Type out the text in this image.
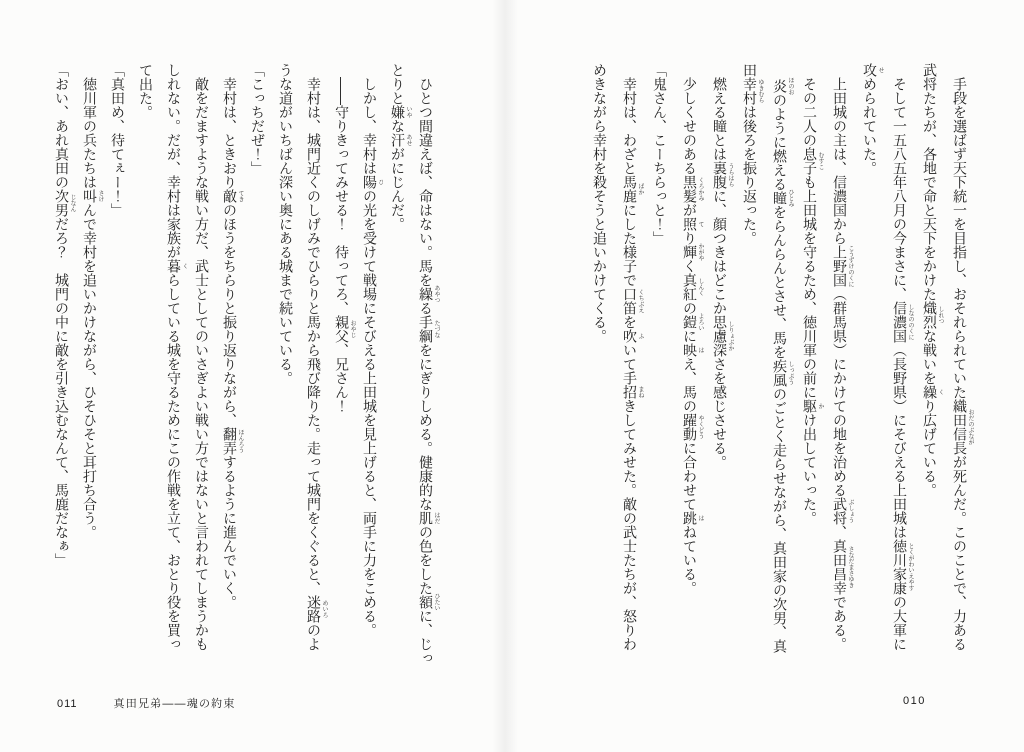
手段を選ばず天下統一を目指し、おそれられていた織田信長 おだのぶながが死んだ。このことで、力ある

武将たちが、各地で命と天下をかけた熾烈 しれつな戦いを繰 くり広げている。

そして一五八五年八月の今まさに、信濃国 しなののくに（長野県）にそびえる上田城は徳川家康 とくがわいえやすの大軍に

攻 せめられていた。

上田城の主は、信濃国から上野国 こうずけのくに（群馬県）にかけての地を治める武将 ぶしょう、真田昌幸 さなだまさゆきである。

その二人の息子 むすこも上田城を守るため、徳川軍の前に駆 かけ出していった。

炎 ほのおのように燃える瞳 ひとみをらんらんとさせ、馬を疾風 しっぷうのごとく走らせながら、真田家の次男、真

田幸村 ゆきむらは後ろを振り返った。

燃える瞳とは裏腹 うらはらに、顔つきはどこか思慮深 しりょぶかさを感じさせる。

少しくせのある黒髪 くろかみが照 てり輝 かがやく真紅 しんくの鎧 よろいに映 はえ、馬の躍動 やくどうに合わせて跳 はねている。

「鬼さん、こーちらっと！」

幸村は、わざと馬鹿 ばかにした様子で口笛 くちぶえを吹 ふいて手招 まねきしてみせた。敵の武士たちが、怒りわ

めきながら幸村を殺そうと追いかけてくる。

010

ひとつ間違えば、命はない。馬を繰 あやつる手綱 たづなをにぎりしめる。健康的な肌 はだの色をした額 ひたいに、じっ

とりと嫌 いやな汗 あせがにじんだ。

しかし、幸村は陽 ひの光を受けて戦場にそびえる上田城を見上げると、両手に力をこめる。

――守りきってみせる！　待ってろ、親父 おやじ、兄さん！

幸村は、城門近くのしげみでひらりと馬から飛び降りた。走って城門をくぐると、迷路 めいろのよ

うな道がいちばん深い奥にある城まで続いている。

「こっちだぜ！」

幸村は、ときおり敵 てきのほうをちらりと振り返りながら、翻弄 ほんろうするように進んでいく。

敵をだますような戦い方だ、武士としてのいさぎよい戦い方ではないと言われてしまうかも

しれない。だが、幸村は家族が暮 くらしている城を守るためにこの作戦を立て、おとり役を買っ

て出た。

「真田め、待てぇー！」

徳川軍の兵たちは叫 さけんで幸村を追いかけながら、ひそひそと耳打ち合う。

「おい、あれ真田の次男 じなんだろ？　城門の中に敵を引き込むなんて、馬鹿だなぁ」

011	真田兄弟——魂の約束
